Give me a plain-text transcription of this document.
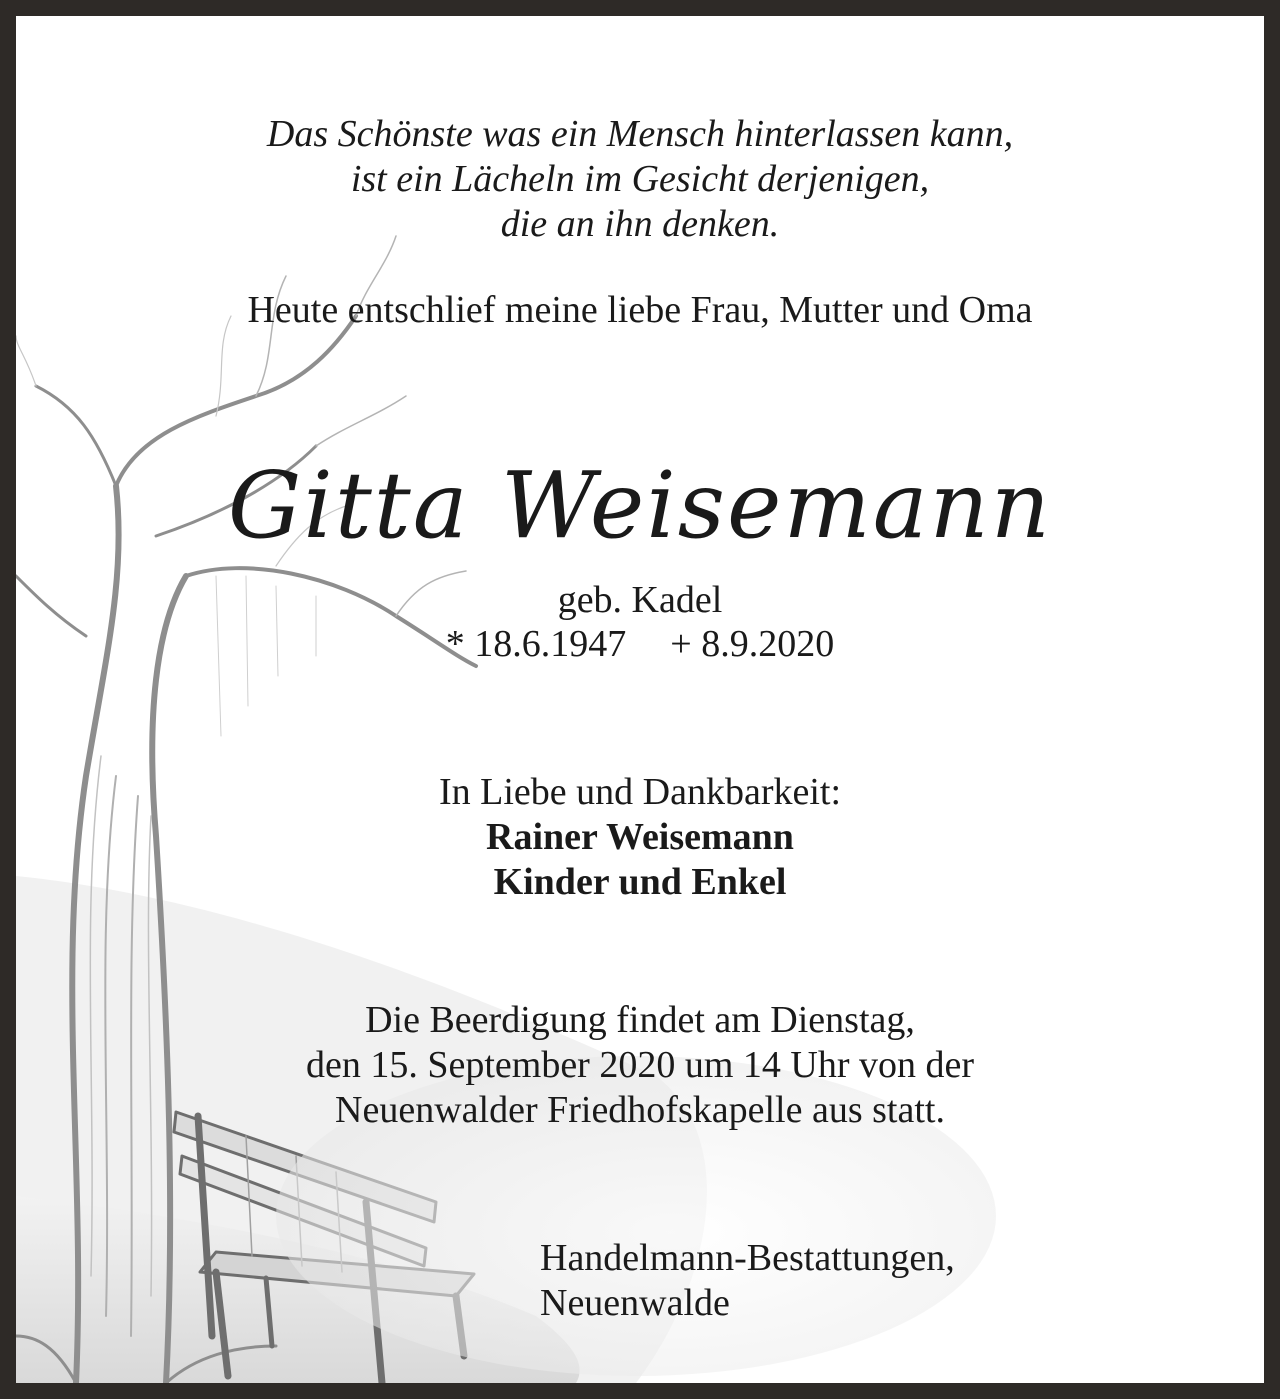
Das Schönste was ein Mensch hinterlassen kann,
ist ein Lächeln im Gesicht derjenigen,
die an ihn denken.
Heute entschlief meine liebe Frau, Mutter und Oma
Gitta Weisemann
geb. Kadel
* 18.6.1947 + 8.9.2020
In Liebe und Dankbarkeit:
Rainer Weisemann
Kinder und Enkel
Die Beerdigung findet am Dienstag,
den 15. September 2020 um 14 Uhr von der
Neuenwalder Friedhofskapelle aus statt.
Handelmann-Bestattungen,
Neuenwalde
